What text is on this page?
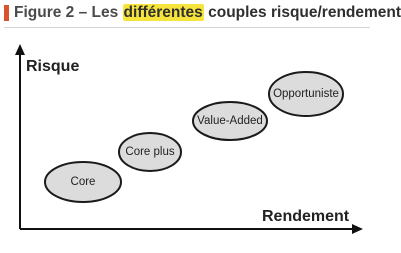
Figure 2 – Les différentes couples risque/rendement
Risque
Rendement
Core
Core plus
Value-Added
Opportuniste
